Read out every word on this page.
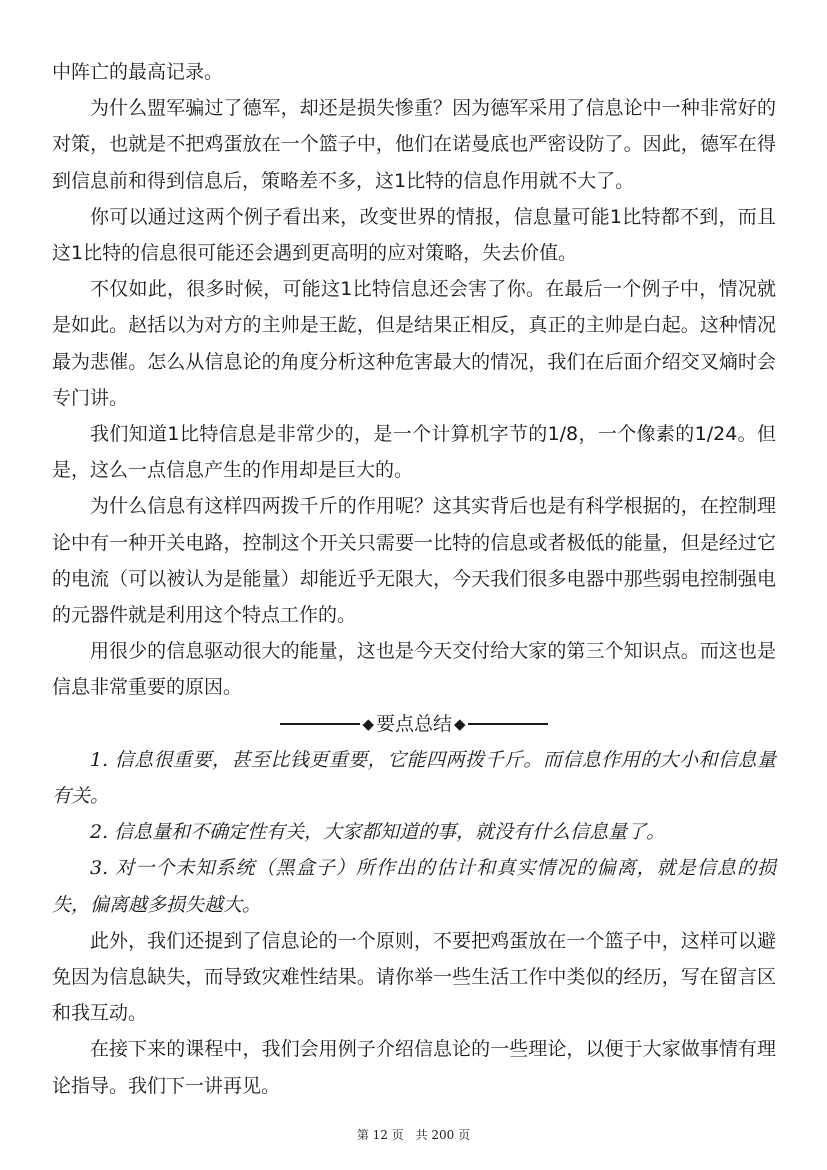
中阵亡的最高记录。

为什么盟军骗过了德军，却还是损失惨重？因为德军采用了信息论中一种非常好的对策，也就是不把鸡蛋放在一个篮子中，他们在诺曼底也严密设防了。因此，德军在得到信息前和得到信息后，策略差不多，这1比特的信息作用就不大了。

你可以通过这两个例子看出来，改变世界的情报，信息量可能1比特都不到，而且这1比特的信息很可能还会遇到更高明的应对策略，失去价值。

不仅如此，很多时候，可能这1比特信息还会害了你。在最后一个例子中，情况就是如此。赵括以为对方的主帅是王龁，但是结果正相反，真正的主帅是白起。这种情况最为悲催。怎么从信息论的角度分析这种危害最大的情况，我们在后面介绍交叉熵时会专门讲。

我们知道1比特信息是非常少的，是一个计算机字节的1/8，一个像素的1/24。但是，这么一点信息产生的作用却是巨大的。

为什么信息有这样四两拨千斤的作用呢？这其实背后也是有科学根据的，在控制理论中有一种开关电路，控制这个开关只需要一比特的信息或者极低的能量，但是经过它的电流（可以被认为是能量）却能近乎无限大，今天我们很多电器中那些弱电控制强电的元器件就是利用这个特点工作的。

用很少的信息驱动很大的能量，这也是今天交付给大家的第三个知识点。而这也是信息非常重要的原因。

◆ 要点总结 ◆

1. 信息很重要，甚至比钱更重要，它能四两拨千斤。而信息作用的大小和信息量有关。

2. 信息量和不确定性有关，大家都知道的事，就没有什么信息量了。

3. 对一个未知系统（黑盒子）所作出的估计和真实情况的偏离，就是信息的损失，偏离越多损失越大。

此外，我们还提到了信息论的一个原则，不要把鸡蛋放在一个篮子中，这样可以避免因为信息缺失，而导致灾难性结果。请你举一些生活工作中类似的经历，写在留言区和我互动。

在接下来的课程中，我们会用例子介绍信息论的一些理论，以便于大家做事情有理论指导。我们下一讲再见。

第 12 页 共 200 页
